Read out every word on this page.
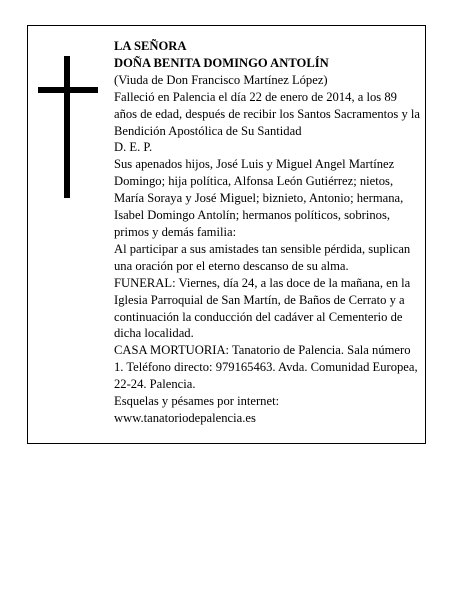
LA SEÑORA

DOÑA BENITA DOMINGO ANTOLÍN

(Viuda de Don Francisco Martínez López)

Falleció en Palencia el día 22 de enero de 2014, a los 89 años de edad, después de recibir los Santos Sacramentos y la Bendición Apostólica de Su Santidad

D. E. P.

Sus apenados hijos, José Luis y Miguel Angel Martínez Domingo; hija política, Alfonsa León Gutiérrez; nietos, María Soraya y José Miguel; biznieto, Antonio; hermana, Isabel Domingo Antolín; hermanos políticos, sobrinos, primos y demás familia:

Al participar a sus amistades tan sensible pérdida, suplican una oración por el eterno descanso de su alma.

FUNERAL: Viernes, día 24, a las doce de la mañana, en la Iglesia Parroquial de San Martín, de Baños de Cerrato y a continuación la conducción del cadáver al Cementerio de dicha localidad.

CASA MORTUORIA: Tanatorio de Palencia. Sala número 1. Teléfono directo: 979165463. Avda. Comunidad Europea, 22-24. Palencia.

Esquelas y pésames por internet:

www.tanatoriodepalencia.es
